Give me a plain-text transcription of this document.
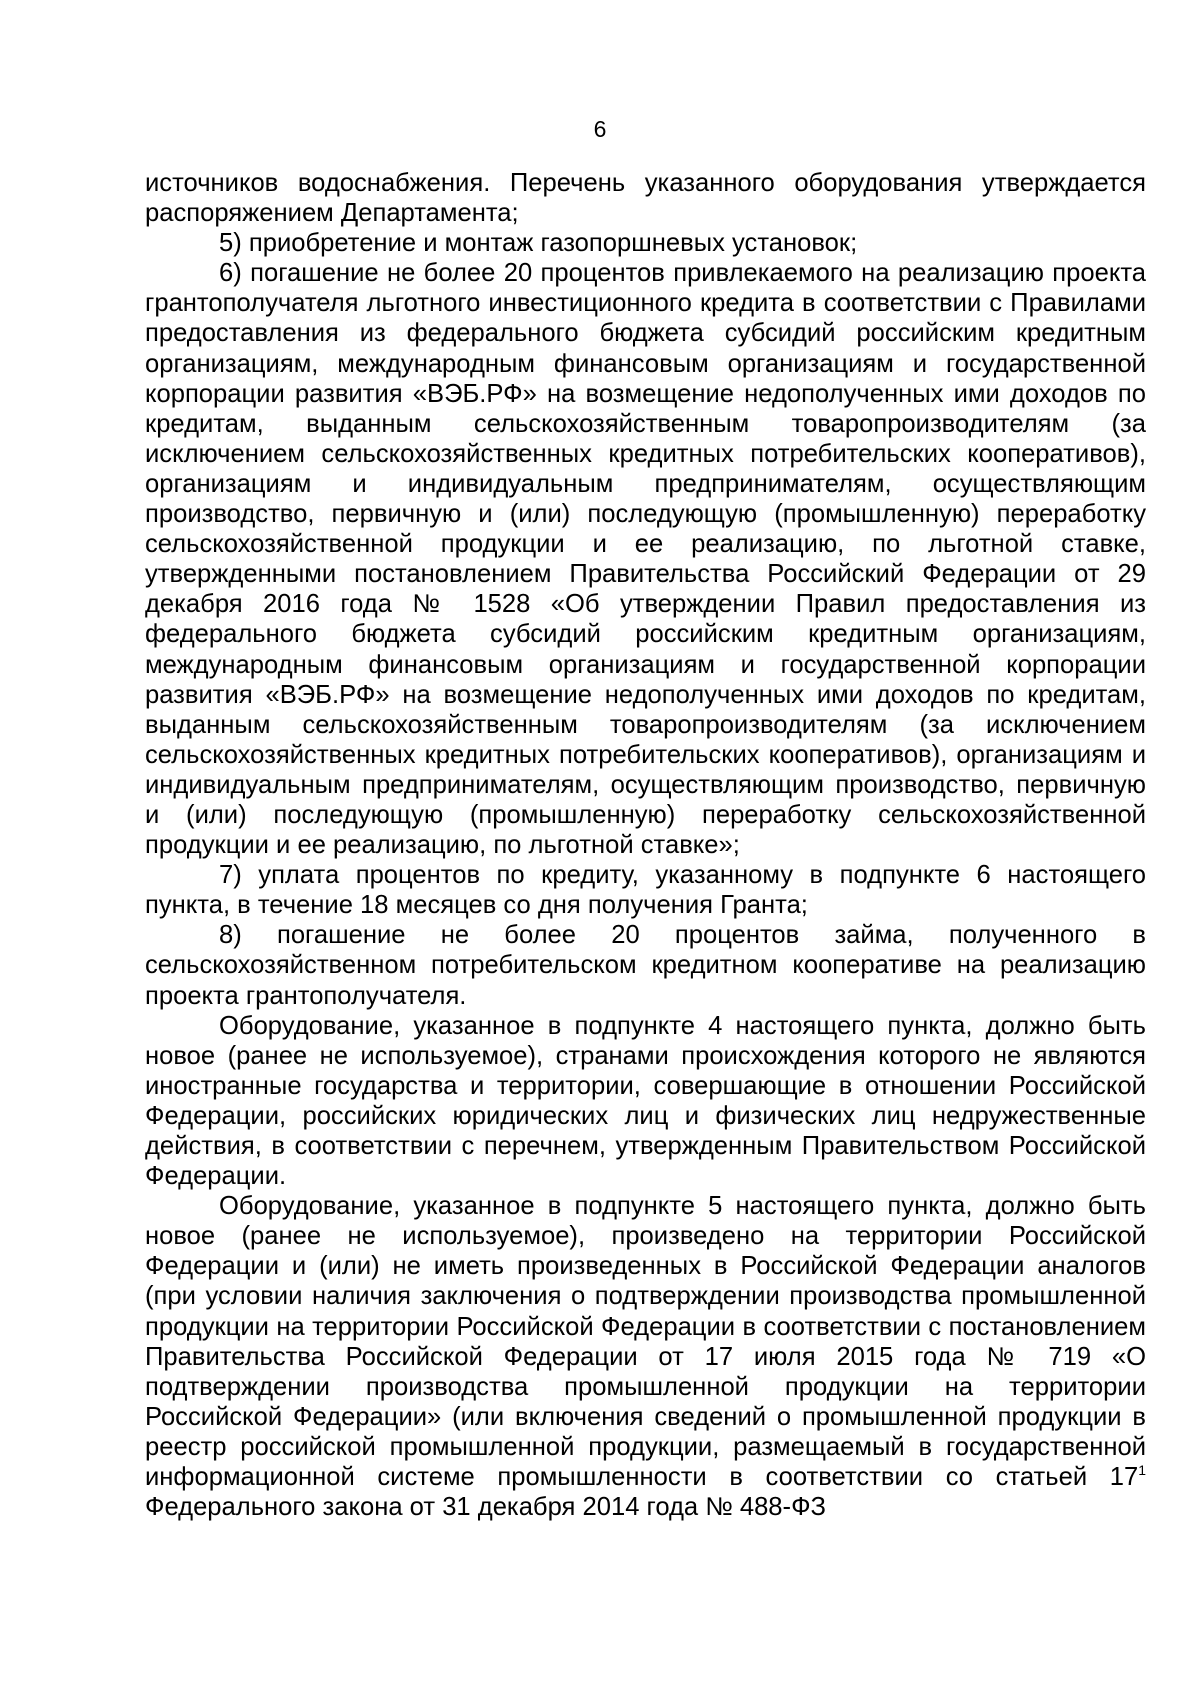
6

источников водоснабжения. Перечень указанного оборудования утверждается распоряжением Департамента;

5) приобретение и монтаж газопоршневых установок;

6) погашение не более 20 процентов привлекаемого на реализацию проекта грантополучателя льготного инвестиционного кредита в соответствии с Правилами предоставления из федерального бюджета субсидий российским кредитным организациям, международным финансовым организациям и государственной корпорации развития «ВЭБ.РФ» на возмещение недополученных ими доходов по кредитам, выданным сельскохозяйственным товаропроизводителям (за исключением сельскохозяйственных кредитных потребительских кооперативов), организациям и индивидуальным предпринимателям, осуществляющим производство, первичную и (или) последующую (промышленную) переработку сельскохозяйственной продукции и ее реализацию, по льготной ставке, утвержденными постановлением Правительства Российский Федерации от 29 декабря 2016 года № 1528 «Об утверждении Правил предоставления из федерального бюджета субсидий российским кредитным организациям, международным финансовым организациям и государственной корпорации развития «ВЭБ.РФ» на возмещение недополученных ими доходов по кредитам, выданным сельскохозяйственным товаропроизводителям (за исключением сельскохозяйственных кредитных потребительских кооперативов), организациям и индивидуальным предпринимателям, осуществляющим производство, первичную и (или) последующую (промышленную) переработку сельскохозяйственной продукции и ее реализацию, по льготной ставке»;

7) уплата процентов по кредиту, указанному в подпункте 6 настоящего пункта, в течение 18 месяцев со дня получения Гранта;

8) погашение не более 20 процентов займа, полученного в сельскохозяйственном потребительском кредитном кооперативе на реализацию проекта грантополучателя.

Оборудование, указанное в подпункте 4 настоящего пункта, должно быть новое (ранее не используемое), странами происхождения которого не являются иностранные государства и территории, совершающие в отношении Российской Федерации, российских юридических лиц и физических лиц недружественные действия, в соответствии с перечнем, утвержденным Правительством Российской Федерации.

Оборудование, указанное в подпункте 5 настоящего пункта, должно быть новое (ранее не используемое), произведено на территории Российской Федерации и (или) не иметь произведенных в Российской Федерации аналогов (при условии наличия заключения о подтверждении производства промышленной продукции на территории Российской Федерации в соответствии с постановлением Правительства Российской Федерации от 17 июля 2015 года № 719 «О подтверждении производства промышленной продукции на территории Российской Федерации» (или включения сведений о промышленной продукции в реестр российской промышленной продукции, размещаемый в государственной информационной системе промышленности в соответствии со статьей $17^1$ Федерального закона от 31 декабря 2014 года № 488-ФЗ
